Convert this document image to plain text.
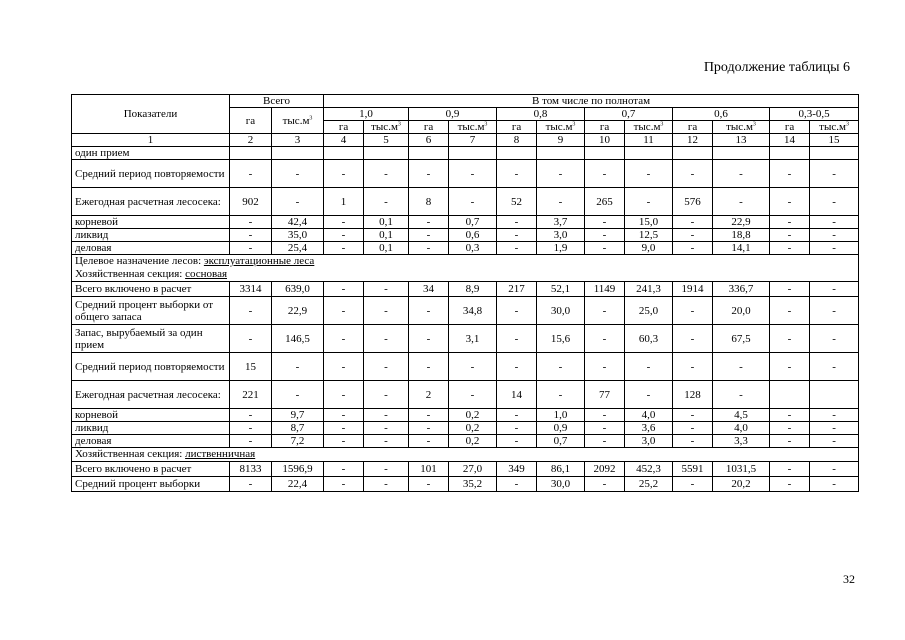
Продолжение таблицы 6
Показатели	Всего		В том числе по полнотам											
	га	$тыс.м^3$	1,0		0,9		0,8		0,7		0,6		0,3-0,5	
			га	$тыс.м^3$	га	$тыс.м^3$	га	$тыс.м^3$	га	$тыс.м^3$	га	$тыс.м^3$	га	$тыс.м^3$
1	2	3	4	5	6	7	8	9	10	11	12	13	14	15
один прием														
Средний период повторяемости	-	-	-	-	-	-	-	-	-	-	-	-	-	-
Ежегодная расчетная лесосека:	902	-	1	-	8	-	52	-	265	-	576	-	-	-
корневой	-	42,4	-	0,1	-	0,7	-	3,7	-	15,0	-	22,9	-	-
ликвид	-	35,0	-	0,1	-	0,6	-	3,0	-	12,5	-	18,8	-	-
деловая	-	25,4	-	0,1	-	0,3	-	1,9	-	9,0	-	14,1	-	-

Целевое назначение лесов: эксплуатационные леса
Хозяйственная секция: сосновая														

Всего включено в расчет	3314	639,0	-	-	34	8,9	217	52,1	1149	241,3	1914	336,7	-	-
Средний процент выборки от общего запаса	-	22,9	-	-	-	34,8	-	30,0	-	25,0	-	20,0	-	-
Запас, вырубаемый за один прием	-	146,5	-	-	-	3,1	-	15,6	-	60,3	-	67,5	-	-
Средний период повторяемости	15	-	-	-	-	-	-	-	-	-	-	-	-	-
Ежегодная расчетная лесосека:	221	-	-	-	2	-	14	-	77	-	128	-		
корневой	-	9,7	-	-	-	0,2	-	1,0	-	4,0	-	4,5	-	-
ликвид	-	8,7	-	-	-	0,2	-	0,9	-	3,6	-	4,0	-	-
деловая	-	7,2	-	-	-	0,2	-	0,7	-	3,0	-	3,3	-	-

Хозяйственная секция: лиственничная														

Всего включено в расчет	8133	1596,9	-	-	101	27,0	349	86,1	2092	452,3	5591	1031,5	-	-
Средний процент выборки	-	22,4	-	-	-	35,2	-	30,0	-	25,2	-	20,2	-	-
32
